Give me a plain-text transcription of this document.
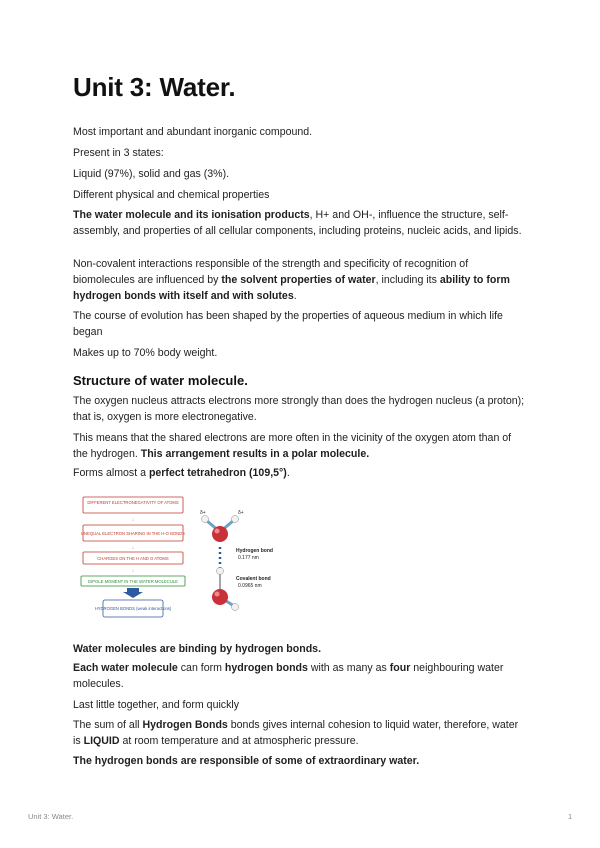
Unit 3: Water.

Most important and abundant inorganic compound.

Present in 3 states:

Liquid (97%), solid and gas (3%).

Different physical and chemical properties

The water molecule and its ionisation products, H+ and OH-, influence the structure, self-assembly, and properties of all cellular components, including proteins, nucleic acids, and lipids.

Non-covalent interactions responsible of the strength and specificity of recognition of biomolecules are influenced by the solvent properties of water, including its ability to form hydrogen bonds with itself and with solutes.

The course of evolution has been shaped by the properties of aqueous medium in which life began

Makes up to 70% body weight.

Structure of water molecule.

The oxygen nucleus attracts electrons more strongly than does the hydrogen nucleus (a proton); that is, oxygen is more electronegative.

This means that the shared electrons are more often in the vicinity of the oxygen atom than of the hydrogen. This arrangement results in a polar molecule.

Forms almost a perfect tetrahedron (109,5°).

DIFFERENT ELECTRONEGATIVITY OF ATOMS
↓
UNEQUAL ELECTRON SHARING IN THE H-O BONDS
↓
CHARGES ON THE H AND O ATOMS
↓
DIPOLE MOMENT IN THE WATER MOLECULE
HYDROGEN BONDS (weak interactions)
δ+	δ+
Hydrogen bond
0.177 nm
Covalent bond
0.0965 nm

Water molecules are binding by hydrogen bonds.

Each water molecule can form hydrogen bonds with as many as four neighbouring water molecules.

Last little together, and form quickly

The sum of all Hydrogen Bonds bonds gives internal cohesion to liquid water, therefore, water is LIQUID at room temperature and at atmospheric pressure.

The hydrogen bonds are responsible of some of extraordinary water.

Unit 3: Water.	1
